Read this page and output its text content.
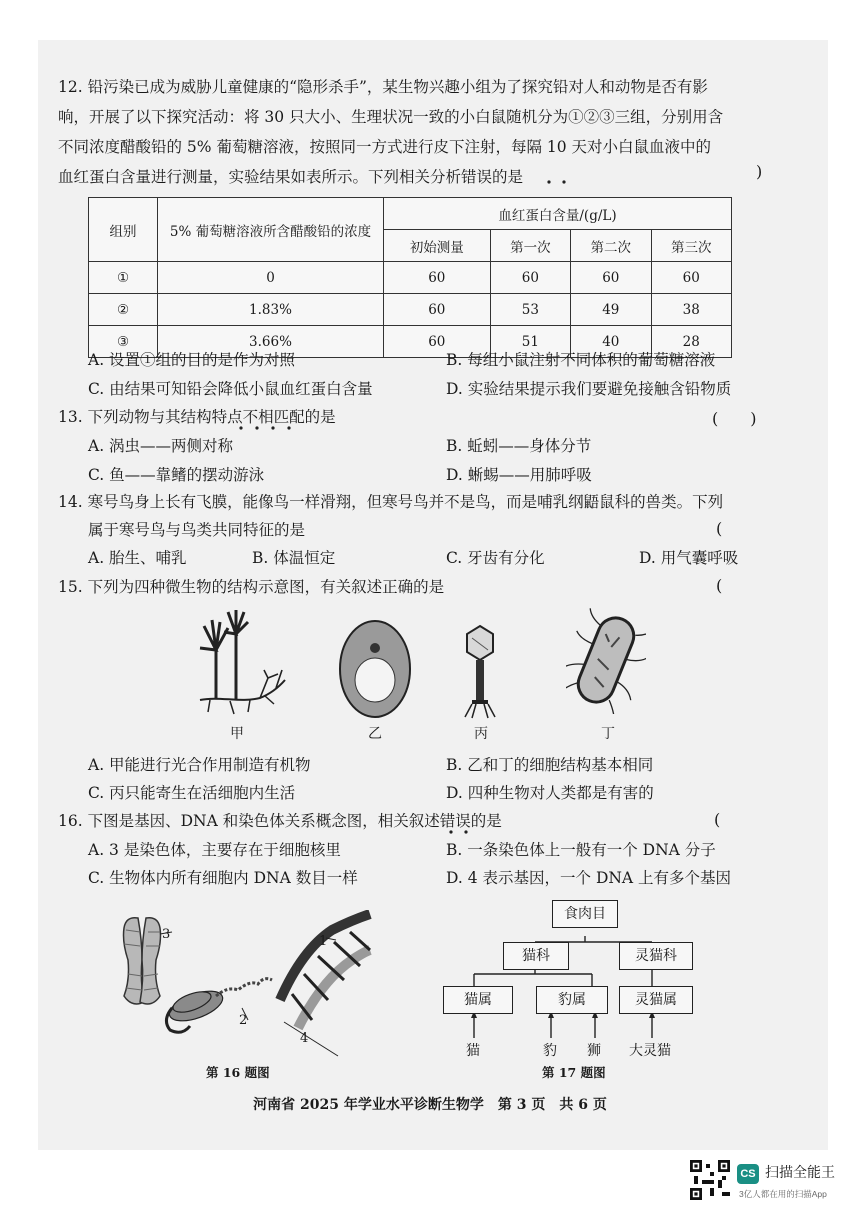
12. 铅污染已成为威胁儿童健康的“隐形杀手”，某生物兴趣小组为了探究铅对人和动物是否有影

响，开展了以下探究活动：将 30 只大小、生理状况一致的小白鼠随机分为①②③三组，分别用含

不同浓度醋酸铅的 5% 葡萄糖溶液，按照同一方式进行皮下注射，每隔 10 天对小白鼠血液中的

血红蛋白含量进行测量，实验结果如表所示。下列相关分析错误的是	)
组别	5% 葡萄糖溶液所含醋酸铅的浓度	血红蛋白含量/(g/L)			
		初始测量	第一次	第二次	第三次
①	0	60	60	60	60
②	1.83%	60	53	49	38
③	3.66%	60	51	40	28
A. 设置①组的目的是作为对照	B. 每组小鼠注射不同体积的葡萄糖溶液
C. 由结果可知铅会降低小鼠血红蛋白含量	D. 实验结果提示我们要避免接触含铅物质
13. 下列动物与其结构特点不相匹配的是	(　　)
A. 涡虫——两侧对称	B. 蚯蚓——身体分节
C. 鱼——靠鳍的摆动游泳	D. 蜥蜴——用肺呼吸
14. 寒号鸟身上长有飞膜，能像鸟一样滑翔，但寒号鸟并不是鸟，而是哺乳纲鼯鼠科的兽类。下列
属于寒号鸟与鸟类共同特征的是	(
A. 胎生、哺乳	B. 体温恒定	C. 牙齿有分化	D. 用气囊呼吸
15. 下列为四种微生物的结构示意图，有关叙述正确的是	(
甲	乙	丙	丁
A. 甲能进行光合作用制造有机物	B. 乙和丁的细胞结构基本相同
C. 丙只能寄生在活细胞内生活	D. 四种生物对人类都是有害的
16. 下图是基因、DNA 和染色体关系概念图，相关叙述错误的是	(
A. 3 是染色体，主要存在于细胞核里	B. 一条染色体上一般有一个 DNA 分子
C. 生物体内所有细胞内 DNA 数目一样	D. 4 表示基因，一个 DNA 上有多个基因
3	1
2
4
第 16 题图
食肉目
猫科	灵猫科
猫属	豹属	灵猫属
猫	豹 狮 大灵猫
第 17 题图
河南省 2025 年学业水平诊断生物学　第 3 页　共 6 页
CS 扫描全能王
3亿人都在用的扫描App
